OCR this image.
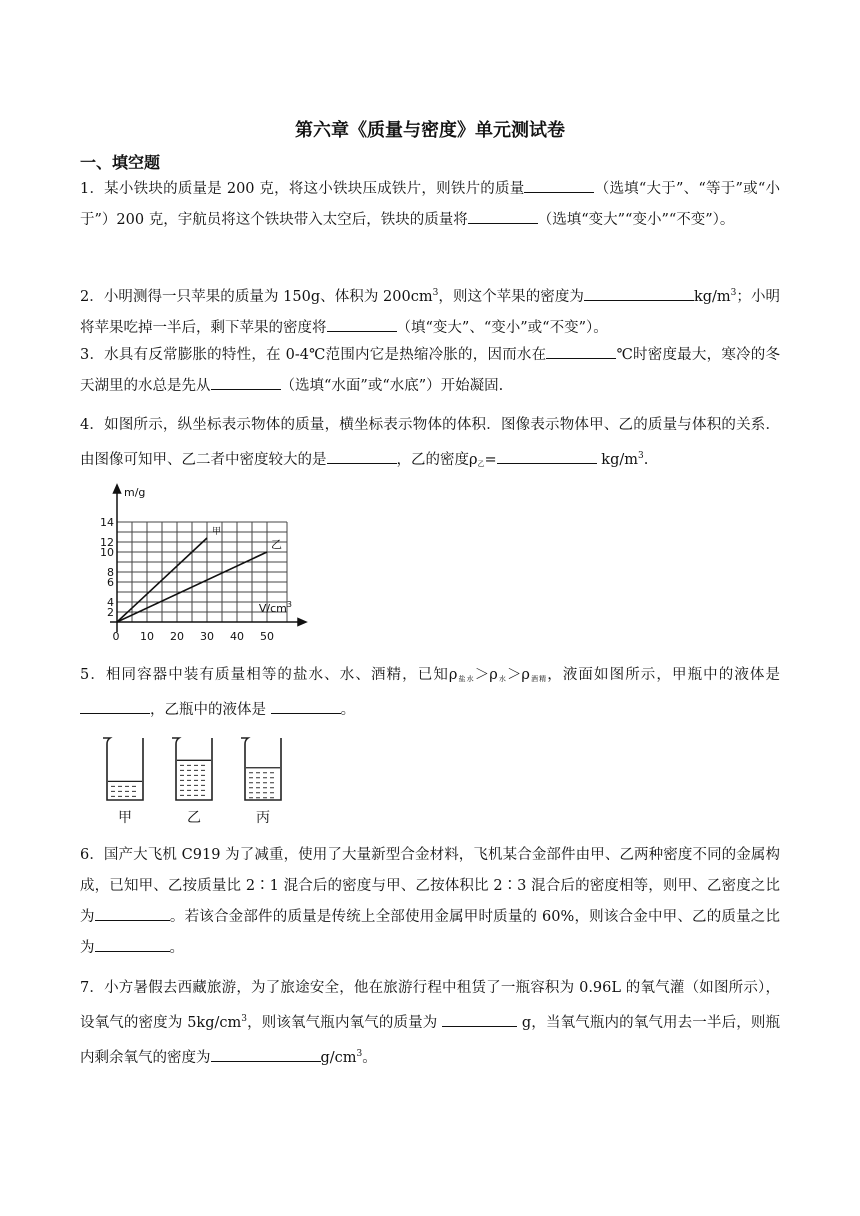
第六章《质量与密度》单元测试卷
一、填空题
1．某小铁块的质量是 200 克，将这小铁块压成铁片，则铁片的质量	（选填“大于”、“等于”或“小于”）200 克，宇航员将这个铁块带入太空后，铁块的质量将	（选填“变大”“变小”“不变”）。
2．小明测得一只苹果的质量为 150g、体积为 $200cm^3$，则这个苹果的密度为	$kg/m^3$；小明将苹果吃掉一半后，剩下苹果的密度将	（填“变大”、“变小”或“不变”）。
3．水具有反常膨胀的特性，在 0-4℃范围内它是热缩冷胀的，因而水在	℃时密度最大，寒冷的冬天湖里的水总是先从	（选填“水面”或“水底”）开始凝固.
4．如图所示，纵坐标表示物体的质量，横坐标表示物体的体积．图像表示物体甲、乙的质量与体积的关系．由图像可知甲、乙二者中密度较大的是	，乙的密度$\rho_乙=$	$kg/m^3$.
m/g
$V/cm^3$
甲
乙
0
14
12
10
8
6
4
2
10 20 30 40 50
5．相同容器中装有质量相等的盐水、水、酒精，已知$\rho_{盐水}>\rho_水>\rho_{酒精}$，液面如图所示，甲瓶中的液体是 ，乙瓶中的液体是	。
甲	乙	丙
6．国产大飞机 C919 为了减重，使用了大量新型合金材料，飞机某合金部件由甲、乙两种密度不同的金属构成，已知甲、乙按质量比 2∶1 混合后的密度与甲、乙按体积比 2∶3 混合后的密度相等，则甲、乙密度之比为	。若该合金部件的质量是传统上全部使用金属甲时质量的 60%，则该合金中甲、乙的质量之比为	。
7．小方暑假去西藏旅游，为了旅途安全，他在旅游行程中租赁了一瓶容积为 0.96L 的氧气灌（如图所示），设氧气的密度为 $5kg/cm^3$，则该氧气瓶内氧气的质量为	g，当氧气瓶内的氧气用去一半后，则瓶内剩余氧气的密度为	$g/cm^3$。
